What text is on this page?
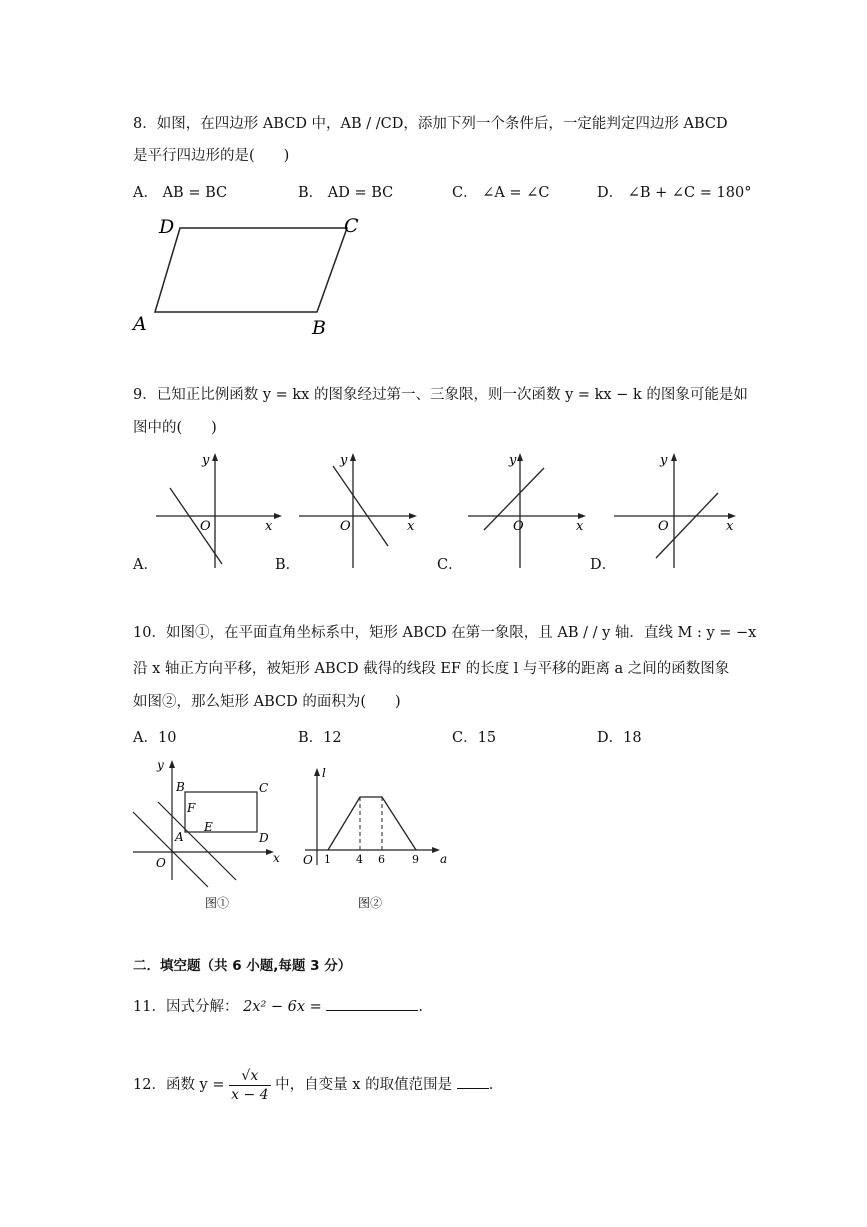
8．如图，在四边形 ABCD 中，AB / /CD，添加下列一个条件后，一定能判定四边形 ABCD
是平行四边形的是(　　)
A． AB = BC	B． AD = BC	C． ∠A = ∠C	D． ∠B + ∠C = 180°
A	B
C
D
9．已知正比例函数 y = kx 的图象经过第一、三象限，则一次函数 y = kx − k 的图象可能是如
图中的(　　)
y
x
O
y
x
O
y
x
O
y
x
O
A．	B．	C．	D．
10．如图①，在平面直角坐标系中，矩形 ABCD 在第一象限，且 AB / / y 轴．直线 M : y = −x
沿 x 轴正方向平移，被矩形 ABCD 截得的线段 EF 的长度 l 与平移的距离 a 之间的函数图象
如图②，那么矩形 ABCD 的面积为(　　)
A．10	B．12	C．15	D．18
y
x
O
B	C
A	D
F
E
图①
l
a
O 1 4 6 9
图②
二．填空题（共 6 小题,每题 3 分）
11．因式分解： 2x² − 6x =	.
12．函数 $y = \frac{√x}{x - 4}$ 中，自变量 x 的取值范围是 .
